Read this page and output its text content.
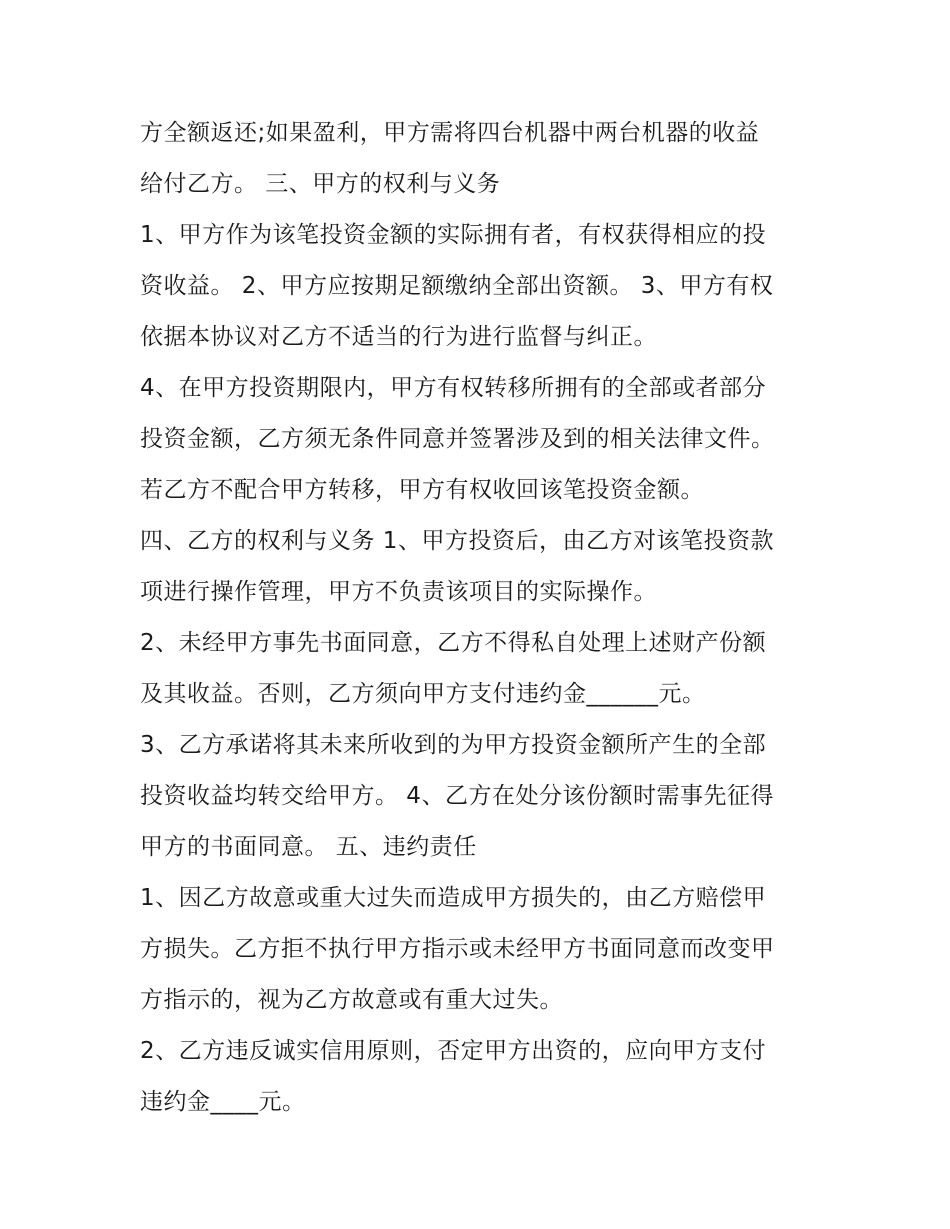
方全额返还;如果盈利，甲方需将四台机器中两台机器的收益
给付乙方。 三、甲方的权利与义务
1、甲方作为该笔投资金额的实际拥有者，有权获得相应的投
资收益。 2、甲方应按期足额缴纳全部出资额。 3、甲方有权
依据本协议对乙方不适当的行为进行监督与纠正。
4、在甲方投资期限内，甲方有权转移所拥有的全部或者部分
投资金额，乙方须无条件同意并签署涉及到的相关法律文件。
若乙方不配合甲方转移，甲方有权收回该笔投资金额。
四、乙方的权利与义务 1、甲方投资后，由乙方对该笔投资款
项进行操作管理，甲方不负责该项目的实际操作。
2、未经甲方事先书面同意，乙方不得私自处理上述财产份额
及其收益。否则，乙方须向甲方支付违约金______元。
3、乙方承诺将其未来所收到的为甲方投资金额所产生的全部
投资收益均转交给甲方。 4、乙方在处分该份额时需事先征得
甲方的书面同意。 五、违约责任
1、因乙方故意或重大过失而造成甲方损失的，由乙方赔偿甲
方损失。乙方拒不执行甲方指示或未经甲方书面同意而改变甲
方指示的，视为乙方故意或有重大过失。
2、乙方违反诚实信用原则，否定甲方出资的，应向甲方支付
违约金____元。
